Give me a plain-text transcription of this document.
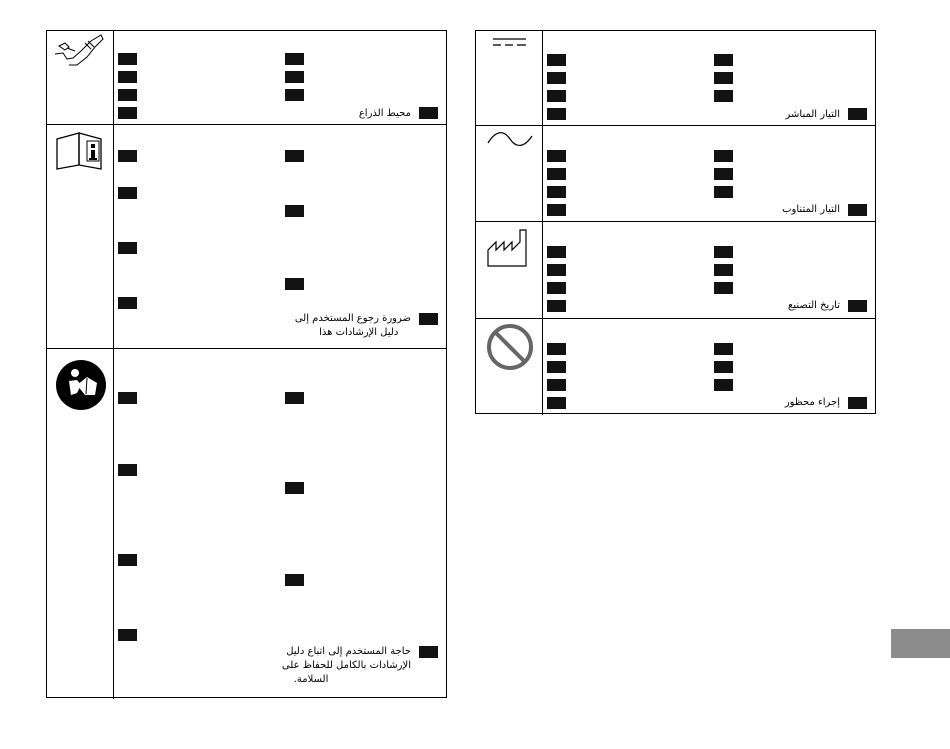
محيط الذراع
ضرورة رجوع المستخدم إلى
دليل الإرشادات هذا
حاجة المستخدم إلى اتباع دليل
الإرشادات بالكامل للحفاظ على
السلامة.
التيار المباشر
التيار المتناوب
تاريخ التصنيع
إجراء محظور
